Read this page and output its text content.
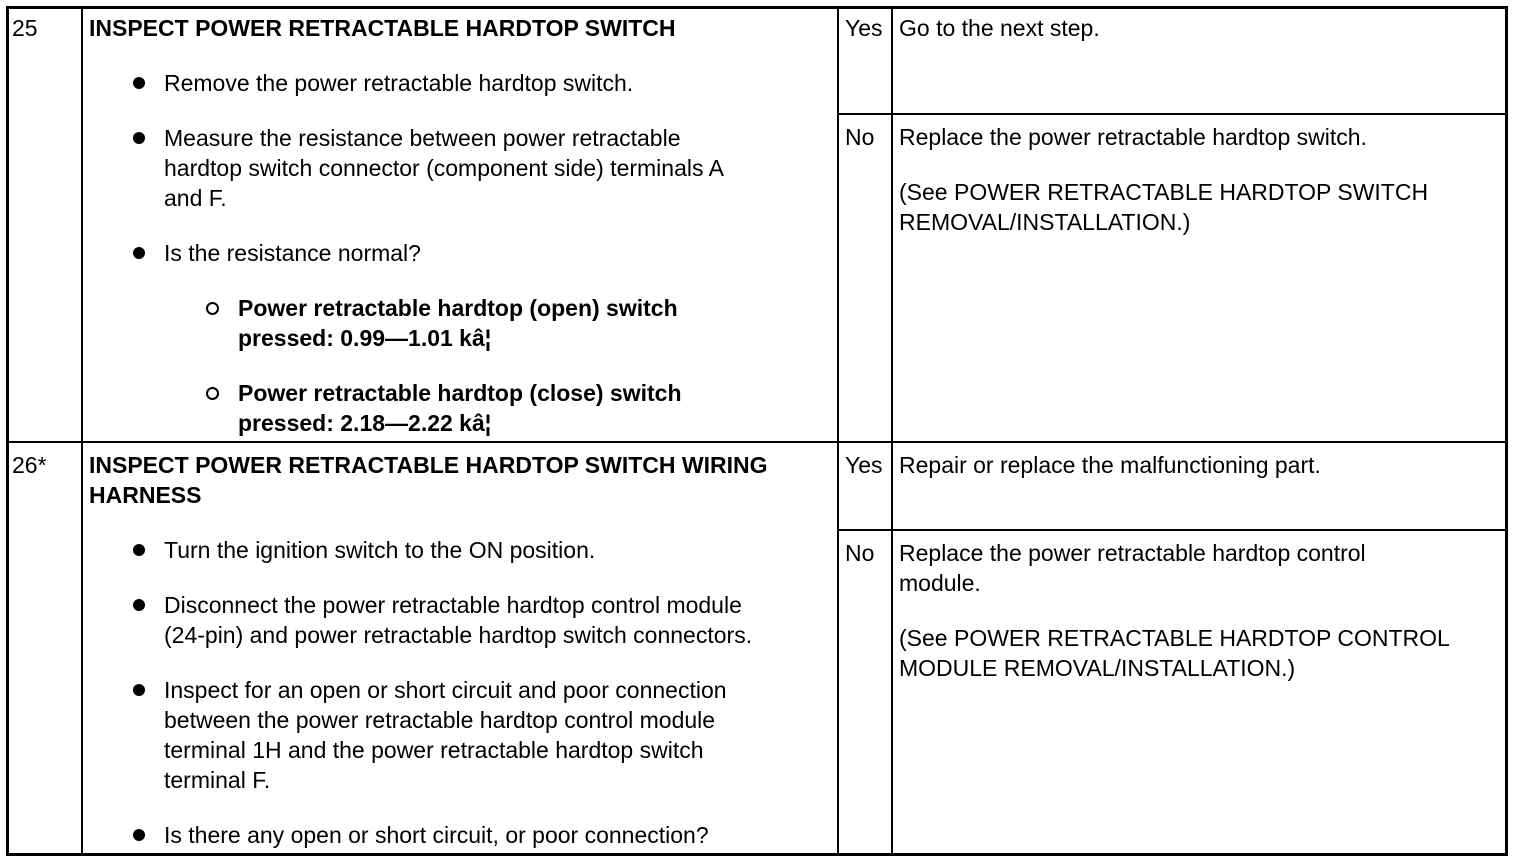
25 INSPECT POWER RETRACTABLE HARDTOP SWITCH
Remove the power retractable hardtop switch.
Measure the resistance between power retractable
hardtop switch connector (component side) terminals A
and F.
Is the resistance normal?
Power retractable hardtop (open) switch
pressed: 0.99—1.01 kâ¦
Power retractable hardtop (close) switch
pressed: 2.18—2.22 kâ¦
Yes Go to the next step.
No Replace the power retractable hardtop switch.
(See POWER RETRACTABLE HARDTOP SWITCH
REMOVAL/INSTALLATION.)
26* INSPECT POWER RETRACTABLE HARDTOP SWITCH WIRING
HARNESS
Turn the ignition switch to the ON position.
Disconnect the power retractable hardtop control module
(24-pin) and power retractable hardtop switch connectors.
Inspect for an open or short circuit and poor connection
between the power retractable hardtop control module
terminal 1H and the power retractable hardtop switch
terminal F.
Is there any open or short circuit, or poor connection?
Yes Repair or replace the malfunctioning part.
No Replace the power retractable hardtop control
module.
(See POWER RETRACTABLE HARDTOP CONTROL
MODULE REMOVAL/INSTALLATION.)
